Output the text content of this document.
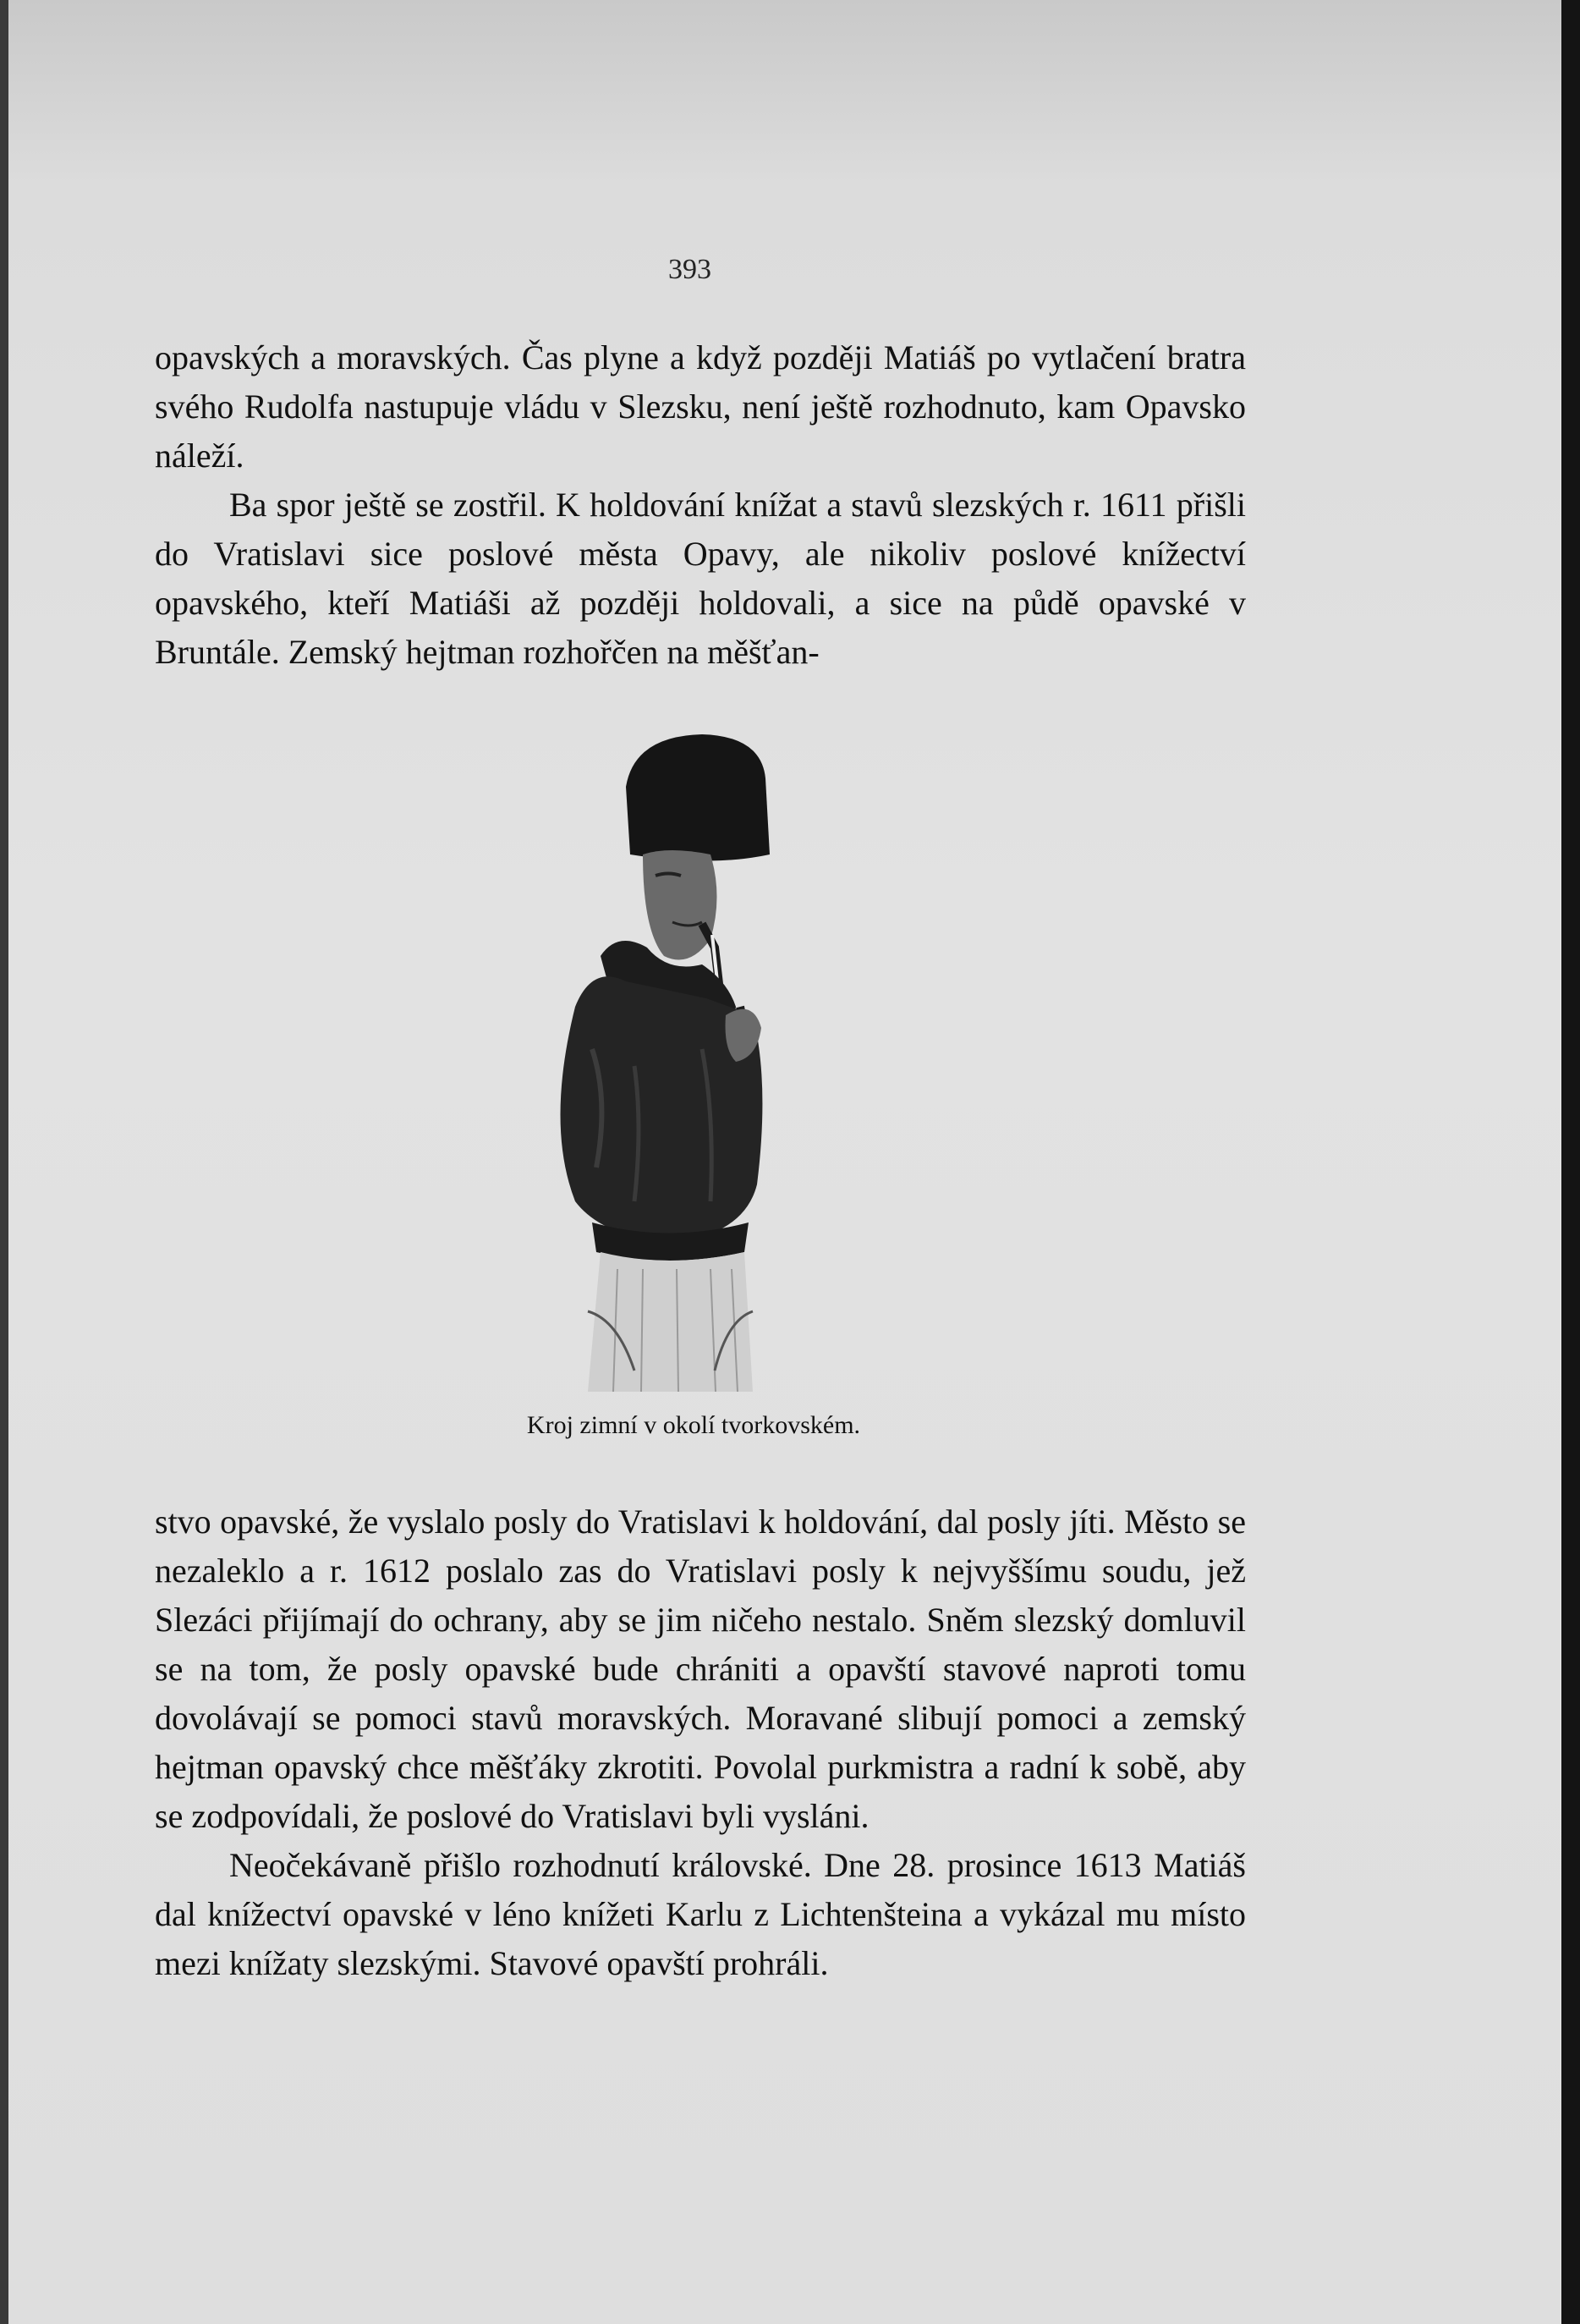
393

opavských a moravských. Čas plyne a když později Matiáš po vytlačení bratra svého Rudolfa nastupuje vládu v Slezsku, není ještě rozhodnuto, kam Opavsko náleží.

Ba spor ještě se zostřil. K holdování knížat a stavů slezských r. 1611 přišli do Vratislavi sice poslové města Opavy, ale nikoliv poslové knížectví opavského, kteří Matiáši až později holdovali, a sice na půdě opavské v Bruntále. Zemský hejtman rozhořčen na měšťan-

Kroj zimní v okolí tvorkovském.

stvo opavské, že vyslalo posly do Vratislavi k holdování, dal posly jíti. Město se nezaleklo a r. 1612 poslalo zas do Vratislavi posly k nejvyššímu soudu, jež Slezáci přijímají do ochrany, aby se jim ničeho nestalo. Sněm slezský domluvil se na tom, že posly opavské bude chrániti a opavští stavové naproti tomu dovolávají se pomoci stavů moravských. Moravané slibují pomoci a zemský hejtman opavský chce měšťáky zkrotiti. Povolal purkmistra a radní k sobě, aby se zodpovídali, že poslové do Vratislavi byli vysláni.

Neočekávaně přišlo rozhodnutí královské. Dne 28. prosince 1613 Matiáš dal knížectví opavské v léno knížeti Karlu z Lichtenšteina a vykázal mu místo mezi knížaty slezskými. Stavové opavští prohráli.
